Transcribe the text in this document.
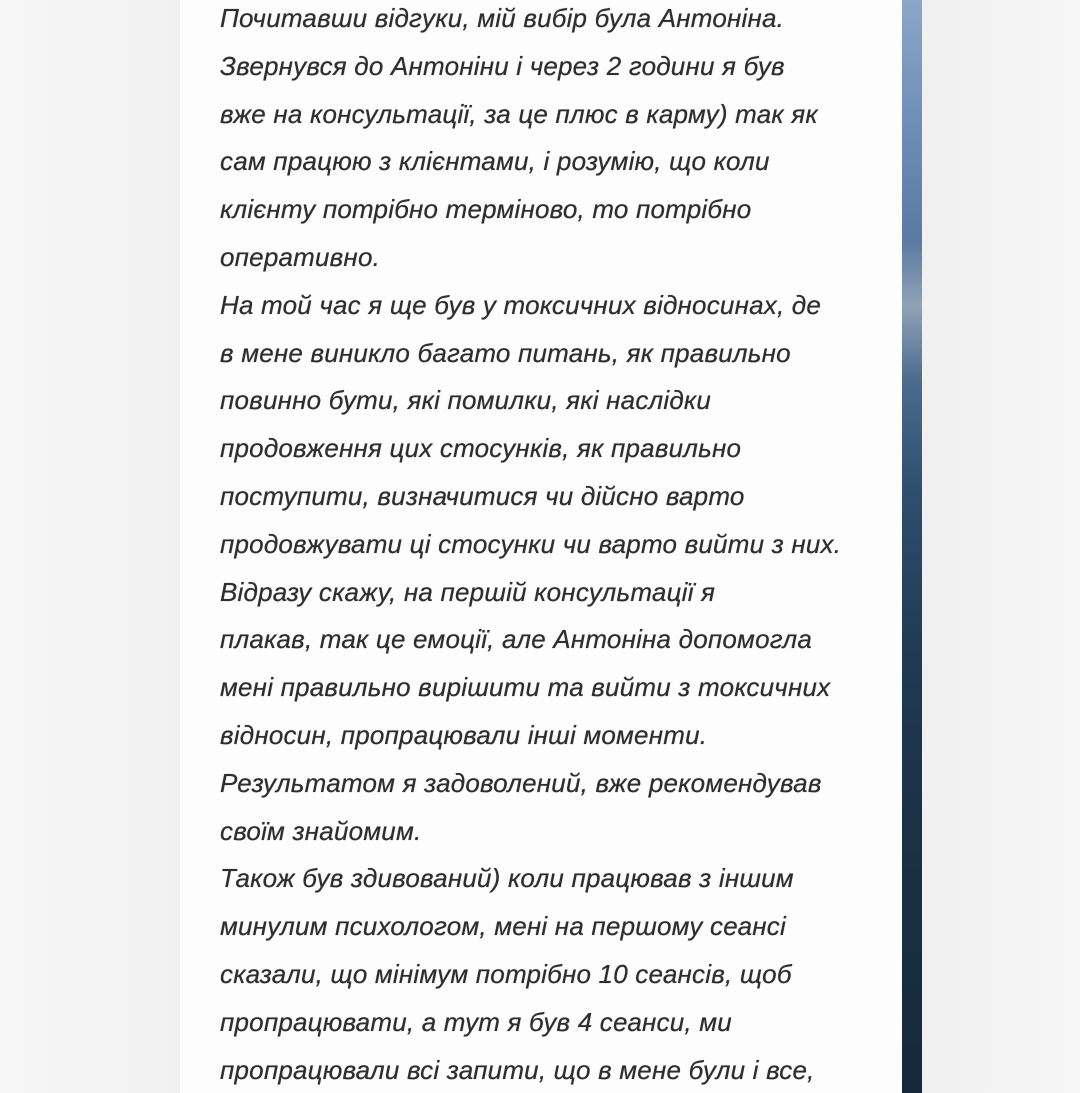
Почитавши відгуки, мій вибір була Антоніна.
Звернувся до Антоніни і через 2 години я був
вже на консультації, за це плюс в карму) так як
сам працюю з клієнтами, і розумію, що коли
клієнту потрібно терміново, то потрібно
оперативно.
На той час я ще був у токсичних відносинах, де
в мене виникло багато питань, як правильно
повинно бути, які помилки, які наслідки
продовження цих стосунків, як правильно
поступити, визначитися чи дійсно варто
продовжувати ці стосунки чи варто вийти з них.
Відразу скажу, на першій консультації я
плакав, так це емоції, але Антоніна допомогла
мені правильно вирішити та вийти з токсичних
відносин, пропрацювали інші моменти.
Результатом я задоволений, вже рекомендував
своїм знайомим.
Також був здивований) коли працював з іншим
минулим психологом, мені на першому сеансі
сказали, що мінімум потрібно 10 сеансів, щоб
пропрацювати, а тут я був 4 сеанси, ми
пропрацювали всі запити, що в мене були і все,
